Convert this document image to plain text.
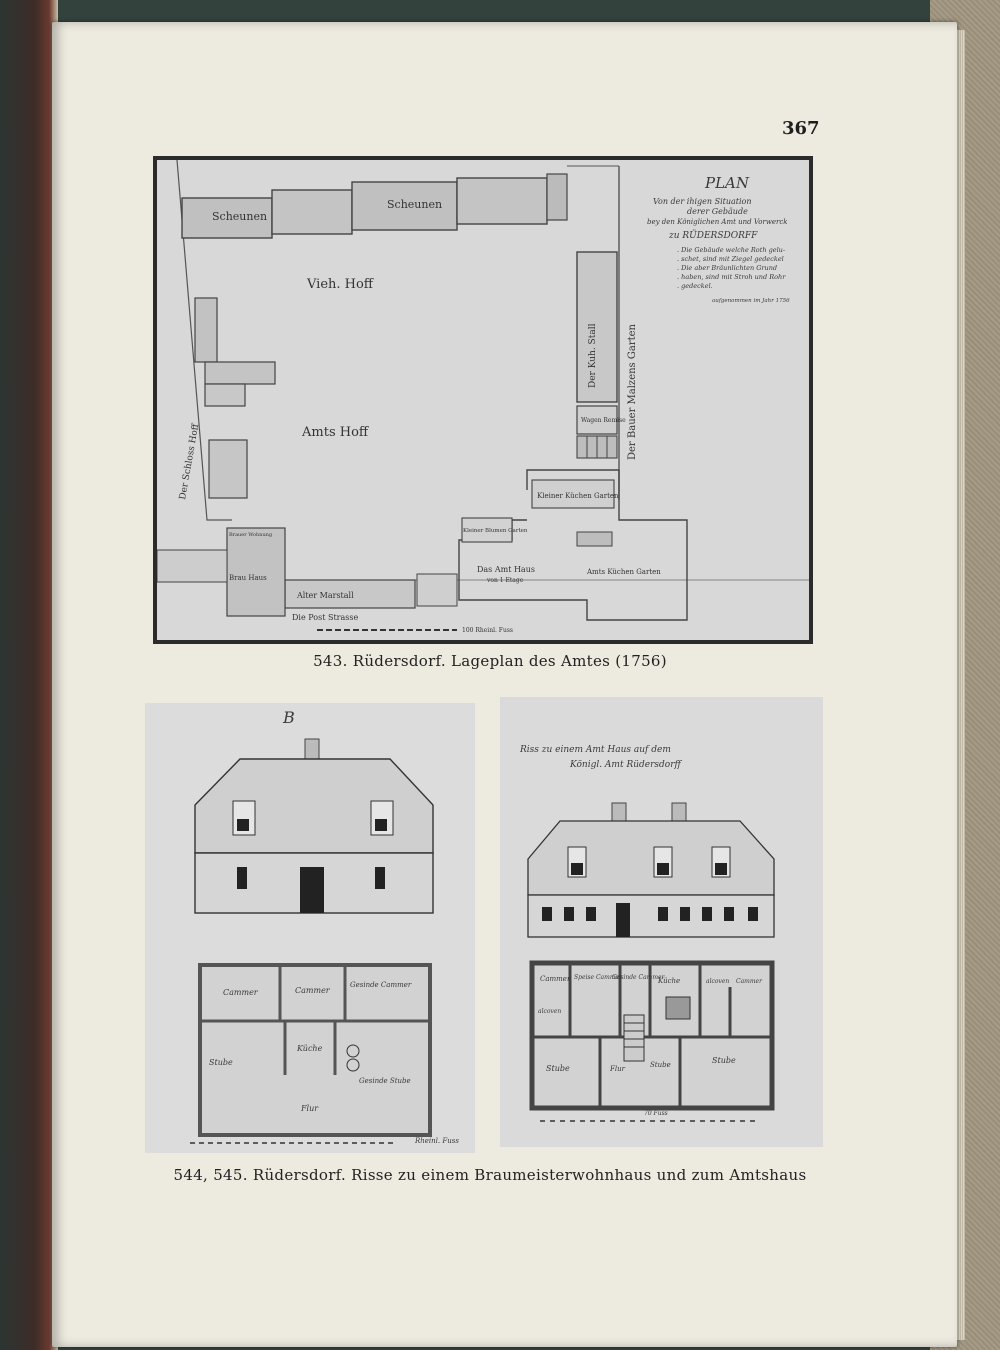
367
Scheunen
Scheunen
Der Kuh. Stall
Wagen Remise
Der Schloss Hoff
Vieh. Hoff
Amts Hoff	Der Bauer Malzens Garten
PLAN
Von der ihigen Situation
derer Gebäude
bey den Königlichen Amt und Vorwerck
zu RÜDERSDORFF
. Die Gebäude welche Roth gelu-
. schet, sind mit Ziegel gedeckel
. Die aber Bräunlichten Grund
. haben, sind mit Stroh und Rohr
. gedeckel.
aufgenommen im Jahr 1756
Kleiner Küchen Garten
Kleiner Blumen Garten
Das Amt Haus
von 1 Etage
Amts Küchen Garten
Alter Marstall
Brau Haus
Brauer Wohnung
Die Post Strasse
100 Rheinl. Fuss
543. Rüdersdorf. Lageplan des Amtes (1756)
B
Cammer	Cammer
Gesinde Cammer
Küche
Stube
Gesinde Stube
Flur
Rheinl. Fuss
Riss zu einem Amt Haus auf dem
Königl. Amt Rüdersdorff
Cammer Speise Cammer
Gesinde Cammer
Küche	alcoven Cammer
alcoven
Stube	Flur	Stube	Stube
70 Fuss
544, 545. Rüdersdorf. Risse zu einem Braumeisterwohnhaus und zum Amtshaus
